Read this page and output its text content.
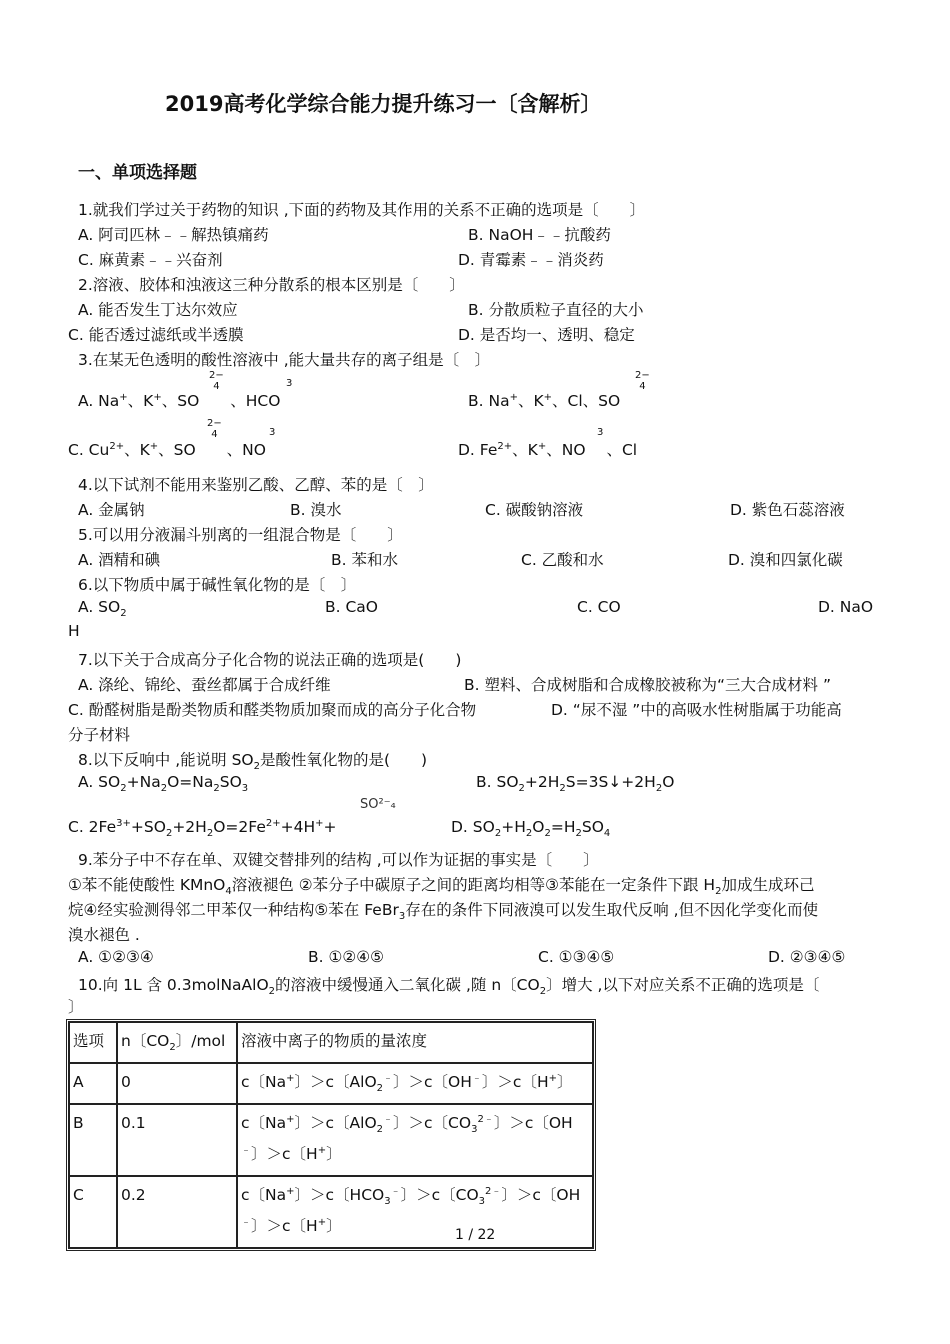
2019高考化学综合能力提升练习一〔含解析〕
一、单项选择题
1.就我们学过关于药物的知识 ,下面的药物及其作用的关系不正确的选项是〔　　〕
A. 阿司匹林﹣﹣解热镇痛药	B. NaOH﹣﹣抗酸药
C. 麻黄素﹣﹣兴奋剂	D. 青霉素﹣﹣消炎药
2.溶液、胶体和浊液这三种分散系的根本区别是〔　　〕
A. 能否发生丁达尔效应	B. 分散质粒子直径的大小
C. 能否透过滤纸或半透膜	D. 是否均一、透明、稳定
3.在某无色透明的酸性溶液中 ,能大量共存的离子组是〔　〕
A. Na+、K+、SO 、HCO
2−
4	3
B. Na+、K+、Cl、SO
2−
4
C. $Cu^{2+}$、K+、SO 、NO
2−
4	3
D. $Fe^{2+}$、K+、NO 、Cl
3
4.以下试剂不能用来鉴别乙酸、乙醇、苯的是〔　〕
A. 金属钠	B. 溴水	C. 碳酸钠溶液	D. 紫色石蕊溶液
5.可以用分液漏斗别离的一组混合物是〔　　〕
A. 酒精和碘	B. 苯和水	C. 乙酸和水	D. 溴和四氯化碳
6.以下物质中属于碱性氧化物的是〔　〕
A. $SO_2$	B. CaO	C. CO	D. NaO
H
7.以下关于合成高分子化合物的说法正确的选项是(　　)
A. 涤纶、锦纶、蚕丝都属于合成纤维	B. 塑料、合成树脂和合成橡胶被称为“三大合成材料 ”
C. 酚醛树脂是酚类物质和醛类物质加聚而成的高分子化合物	D. “尿不湿 ”中的高吸水性树脂属于功能高
分子材料
8.以下反响中 ,能说明 $SO_2$是酸性氧化物的是(　　)
A. $SO_2+Na_2O=Na_2SO_3$	B. $SO_2+2H_2S=3S↓+2H_2O$
C. $2Fe^{3+}+SO_2+2H_2O=2Fe^{2+}+4H^++$
SO²⁻₄
D. $SO_2+H_2O_2=H_2SO_4$
9.苯分子中不存在单、双键交替排列的结构 ,可以作为证据的事实是〔　　〕
①苯不能使酸性 KMnO$_4$溶液褪色 ②苯分子中碳原子之间的距离均相等③苯能在一定条件下跟 $H_2$加成生成环己
烷④经实验测得邻二甲苯仅一种结构⑤苯在 FeBr$_3$存在的条件下同液溴可以发生取代反响 ,但不因化学变化而使
溴水褪色 .
A. ①②③④	B. ①②④⑤	C. ①③④⑤	D. ②③④⑤
10.向 1L 含 0.3molNaAlO$_2$的溶液中缓慢通入二氧化碳 ,随 n〔$CO_2$〕增大 ,以下对应关系不正确的选项是〔
〕
选项	n〔$CO_2$〕/mol	溶液中离子的物质的量浓度
A	0	c〔Na+〕＞c〔AlO$_2$﹣〕＞c〔OH﹣〕＞c〔H+〕
B	0.1	c〔Na+〕＞c〔AlO$_2$﹣〕＞c〔$CO_3^{2﹣}$〕＞c〔OH
﹣〕＞c〔H+〕
C	0.2	c〔Na+〕＞c〔$HCO_3^﹣$〕＞c〔$CO_3^{2﹣}$〕＞c〔OH
﹣〕＞c〔H+〕	1 / 22
